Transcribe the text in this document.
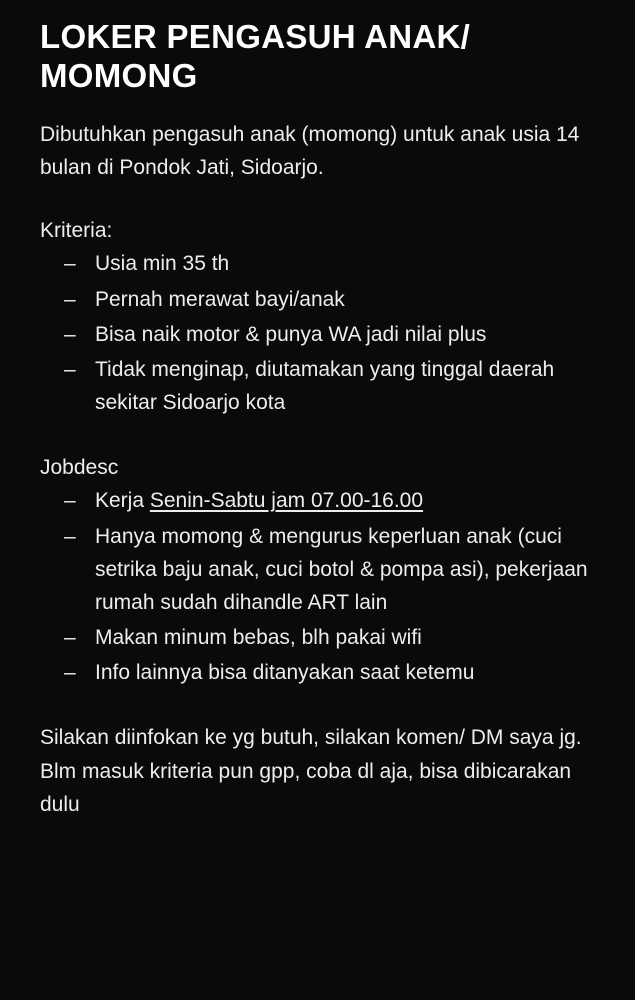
LOKER PENGASUH ANAK/ MOMONG

Dibutuhkan pengasuh anak (momong) untuk anak usia 14 bulan di Pondok Jati, Sidoarjo.

Kriteria:

– Usia min 35 th
– Pernah merawat bayi/anak
– Bisa naik motor & punya WA jadi nilai plus
– Tidak menginap, diutamakan yang tinggal daerah sekitar Sidoarjo kota

Jobdesc

– Kerja Senin-Sabtu jam 07.00-16.00
– Hanya momong & mengurus keperluan anak (cuci setrika baju anak, cuci botol & pompa asi), pekerjaan rumah sudah dihandle ART lain
– Makan minum bebas, blh pakai wifi
– Info lainnya bisa ditanyakan saat ketemu

Silakan diinfokan ke yg butuh, silakan komen/ DM saya jg. Blm masuk kriteria pun gpp, coba dl aja, bisa dibicarakan dulu
